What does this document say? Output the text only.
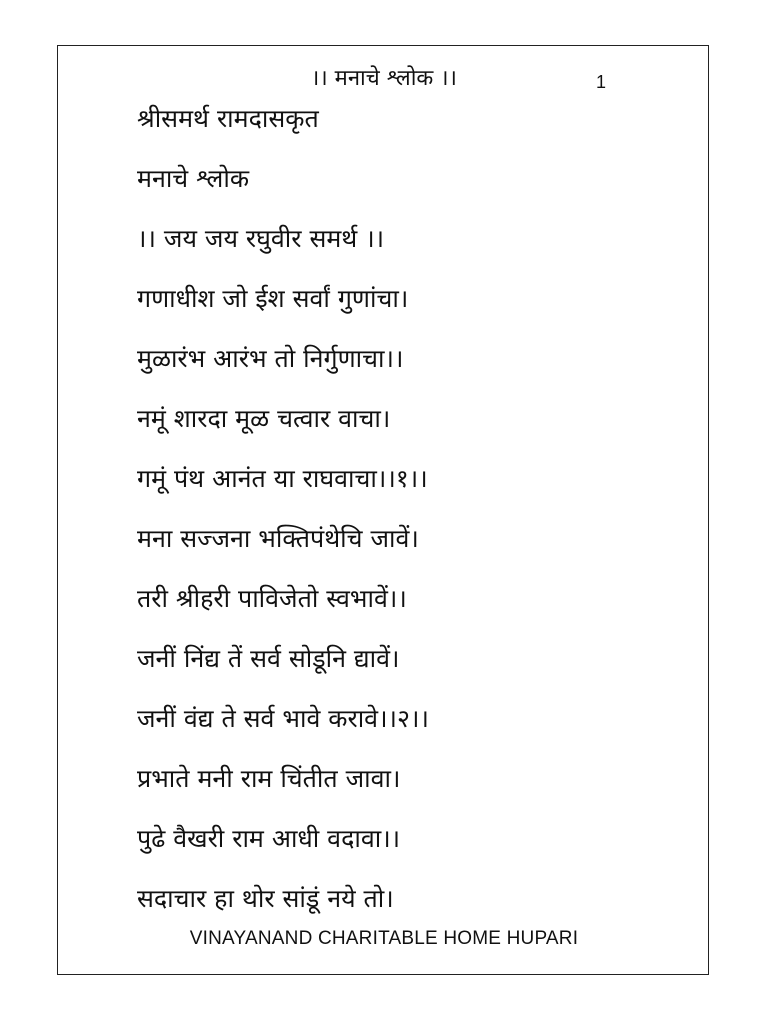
।। मनाचे श्लोक ।।	1
श्रीसमर्थ रामदासकृत
मनाचे श्लोक
।। जय जय रघुवीर समर्थ ।।
गणाधीश जो ईश सर्वां गुणांचा।
मुळारंभ आरंभ तो निर्गुणाचा।।
नमूं शारदा मूळ चत्वार वाचा।
गमूं पंथ आनंत या राघवाचा।।१।।
मना सज्जना भक्तिपंथेचि जावें।
तरी श्रीहरी पाविजेतो स्वभावें।।
जनीं निंद्य तें सर्व सोडूनि द्यावें।
जनीं वंद्य ते सर्व भावे करावे।।२।।
प्रभाते मनी राम चिंतीत जावा।
पुढे वैखरी राम आधी वदावा।।
सदाचार हा थोर सांडूं नये तो।
VINAYANAND CHARITABLE HOME HUPARI
